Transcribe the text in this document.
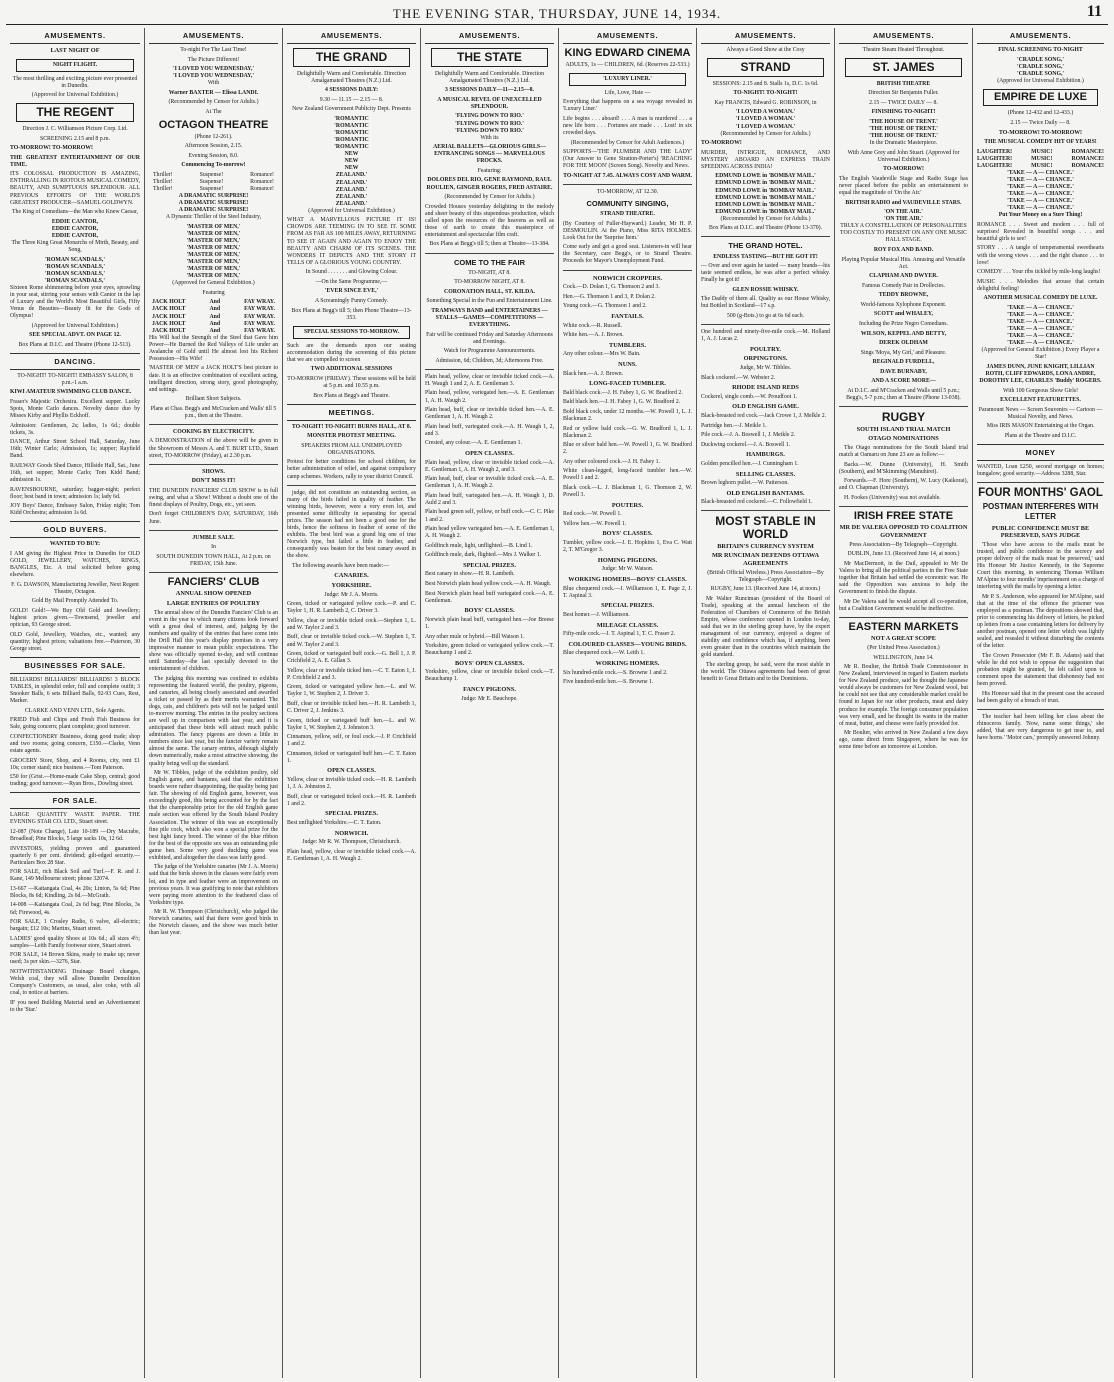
THE EVENING STAR, THURSDAY, JUNE 14, 1934.	11
AMUSEMENTS.
LAST NIGHT OF
NIGHT FLIGHT.

The most thrilling and exciting picture ever presented in Dunedin.

(Approved for Universal Exhibition.)

THE REGENT

Direction J. C. Williamson Picture Corp. Ltd.

SCREENING 2.15 and 8 p.m.

TO-MORROW! TO-MORROW!

THE GREATEST ENTERTAINMENT OF OUR TIME.

ITS COLOSSAL PRODUCTION IS AMAZING, ENTHRALLING IN RIOTOUS MUSICAL COMEDY, BEAUTY, AND SUMPTUOUS SPLENDOUR. ALL PREVIOUS EFFORTS OF THE WORLD'S GREATEST PRODUCER—SAMUEL GOLDWYN.

The King of Comedians—the Man who Knew Caesar,

EDDIE CANTOR,
EDDIE CANTOR,
EDDIE CANTOR,

The Three King Great Monarchs of Mirth, Beauty, and Song,

'ROMAN SCANDALS,'
'ROMAN SCANDALS,'
'ROMAN SCANDALS,'
'ROMAN SCANDALS,'

Sixteen Rome shimmering before your eyes, sprawling in your seat, stirring your senses with Cantor in the lap of Luxury and the World's Most Beautiful Girls, Fifty Venus de Beauties—Beauty fit for the Gods of Olympus!

(Approved for Universal Exhibition.)

SEE SPECIAL ADVT. ON PAGE 12.

Box Plans at D.I.C. and Theatre (Phone 12-513).

DANCING.

TO-NIGHT! TO-NIGHT! EMBASSY SALON, 8 p.m.-1 a.m.

KIWI AMATEUR SWIMMING CLUB DANCE.

Fraser's Majestic Orchestra. Excellent supper. Lucky Spots, Monte Carlo dances. Novelty dance duo by Misses Kirby and Phyllis Eckhoff.

Admission: Gentlemen, 2s; ladies, 1s 6d.; double tickets, 3s.

DANCE, Arthur Street School Hall, Saturday, June 16th; Winter Carlo; Admission, 1s; supper; Rayfield Band.

RAILWAY Goods Shed Dance, Hillside Hall, Sat., June 16th, set supper; Monte Carlo; Tom Kidd Band; admission 1s.

RAVENSBOURNE, saturday; bagger-night; perfect floor; best band in town; admission 1s; lady 6d.

JOY Boys' Dance, Embassy Salon, Friday night; Tom Kidd Orchestra; admission 1s 6d.

GOLD BUYERS.

WANTED TO BUY:

I AM giving the Highest Price in Dunedin for OLD GOLD, JEWELLERY, WATCHES, RINGS, BANGLES, Etc. A trial solicited before going elsewhere.

F. G. DAWSON, Manufacturing Jeweller, Next Regent Theatre, Octagon.

Gold By Mail Promptly Attended To.

GOLD! Gold!—We Buy Old Gold and Jewellery; highest prices given.—Townsend, jeweller and optician, 93 George street.

OLD Gold, Jewellery, Watches, etc., wanted; any quantity; highest prices; valuations free.—Paterson, 30 George street.

BUSINESSES FOR SALE.

BILLIARDS! BILLIARDS! BILLIARDS! 3 BLOCK TABLES, in splendid order, full and complete outfit; 3 Snooker Balls, 6 sets Billiard Balls, 92-93 Cues, Rest, Marker.

CLARKE AND VENN LTD., Sole Agents.

FRIED Fish and Chips and Fresh Fish Business for Sale, going concern; plant complete; good turnover.

CONFECTIONERY Business, doing good trade; shop and two rooms; going concern, £150.—Clarke, Venn estate agents.

GROCERY Store, Shop, and 4 Rooms, city, rent £1 10s; corner stand; nice business.—Tom Paterson.

£50 for (Grist.—Home-made Cake Shop, central; good trading; good turnover.—Ryan Bros., Dowling street.

FOR SALE.

LARGE QUANTITY WASTE PAPER. THE EVENING STAR CO. LTD., Stuart street.

12-087 (Note Change), Late 10-189 —Dry Macrabe, Broadleaf; Pine Blocks, 5 large sacks 10s, 12 6d.

INVESTORS, yielding proven and guaranteed quarterly 6 per cent. dividend; gilt-edged security.—Particulars Box 28 Star.

FOR SALE, rich Black Soil and Turf.—F. R. and J. Kane, 149 Melbourne street; phone 32074.

13-667 —Kaitangata Coal, 4s 20s; Linton, 5s 6d; Pine Blocks, 8s 6d; Kindling, 2s 6d.—McGrath.

14-008 —Kaitangata Coal, 2s 6d bag; Pine Blocks, 3s 6d; Firewood, 4s.

FOR SALE, 1 Crosley Radio, 6 valve, all-electric; bargain; £12 10s; Martins, Stuart street.

LADIES' good quality Shoes at 10s 6d.; all sizes 4½; samples—Leith Family footwear store, Stuart street.

FOR SALE, 14 Brown Skins, ready to make up; never used; 3s per skin.—3276, Star.

NOTWITHSTANDING Drainage Board changes, Welsh coal, they will allow Dunedin Demolition Company's Customers, as usual, also coke, with all coal, to notice at barriers.

IF you need Building Material send an Advertisement to the 'Star.'

AMUSEMENTS.

To-night For The Last Time!

The Picture Different!

'I LOVED YOU WEDNESDAY,'
'I LOVED YOU WEDNESDAY,'

With

Warner BAXTER — Elissa LANDI.

(Recommended by Censor for Adults.)

At The

OCTAGON THEATRE

(Phone 12-261).

Afternoon Session, 2.15.

Evening Session, 8.0.

Commencing To-morrow!

Thriller!
Thriller!
Thriller!
Suspense!
Suspense!
Suspense!
Romance!
Romance!
Romance!
A DRAMATIC SURPRISE!
A DRAMATIC SURPRISE!
A DRAMATIC SURPRISE!

A Dynamic Thriller of the Steel Industry,

'MASTER OF MEN,'
'MASTER OF MEN,'
'MASTER OF MEN,'
'MASTER OF MEN,'
'MASTER OF MEN,'
'MASTER OF MEN,'
'MASTER OF MEN,'
'MASTER OF MEN,'

(Approved for General Exhibition.)

Featuring

JACK HOLT
JACK HOLT
JACK HOLT
JACK HOLT
JACK HOLT
And
And
And
And
And
FAY WRAY.
FAY WRAY.
FAY WRAY.
FAY WRAY.
FAY WRAY.

His Will had the Strength of the Steel that Gave him Power—He Burned the Red Valleys of Life under an Avalanche of Gold until He almost lost his Richest Possession—His Wife!

'MASTER OF MEN' a JACK HOLT'S best picture to date. It is an effective combination of excellent acting, intelligent direction, strong story, good photography, and settings.

Brilliant Short Subjects.

Plans at Chas. Begg's and McCracken and Walls' till 5 p.m., then at the Theatre.

COOKING BY ELECTRICITY.

A DEMONSTRATION of the above will be given in the Showroom of Messrs A. and T. BURT LTD., Stuart street, TO-MORROW (Friday), at 2.30 p.m.

SHOWS.

DON'T MISS IT!

THE DUNEDIN FANCIERS' CLUB SHOW is in full swing, and what a Show! Without a doubt one of the finest displays of Poultry, Dogs, etc., yet seen.

Don't forget CHILDREN'S DAY, SATURDAY, 16th June.

JUMBLE SALE.

In

SOUTH DUNEDIN TOWN HALL, At 2 p.m. on FRIDAY, 15th June.

FANCIERS' CLUB
ANNUAL SHOW OPENED
LARGE ENTRIES OF POULTRY

The annual show of the Dunedin Fanciers' Club is an event in the year to which many citizens look forward with a great deal of interest, and, judging by the numbers and quality of the entries that have come into the Drill Hall this year's display promises in a very impressive manner to mean public expectations. The show was officially opened to-day, and will continue until Saturday—the last specially devoted to the entertainment of children.

The judging this morning was confined to exhibits representing the featured world, the poultry, pigeons, and canaries, all being closely associated and awarded a ticket or passed by as their merits warranted. The dogs, cats, and children's pets will not be judged until to-morrow morning. The entries in the poultry sections are well up in comparison with last year, and it is anticipated that these birds will attract much public admiration. The fancy pigeons are down a little in numbers since last year, but the fancier variety remain almost the same. The canary entries, although slightly down numerically, make a most attractive showing, the quality being well up the standard.

Mr W. Tibbles, judge of the exhibition poultry, old English game, and bantams, said that the exhibition boards were rather disappointing, the quality being just fair. The showing of old English game, however, was exceedingly good, this being accounted for by the fact that the championship prize for the old English game male section was offered by the South Island Poultry Association. The winner of this was an exceptionally fine pile cock, which also won a special prize for the best light fancy breed. The winner of the blue ribbon for the best of the opposite sex was an outstanding pile game hen. Some very good duckling game was exhibited, and altogether the class was fairly good.

The judge of the Yorkshire canaries (Mr J. A. Morris) said that the birds shown in the classes were fairly even lot, and in type and feather were an improvement on previous years. It was gratifying to note that exhibitors were paying more attention to the feathered class of Yorkshire type.

Mr R. W. Thompson (Christchurch), who judged the Norwich canaries, said that there were good birds in the Norwich classes, and the show was much better than last year.

AMUSEMENTS.
THE GRAND

Delightfully Warm and Comfortable. Direction Amalgamated Theatres (N.Z.) Ltd.

4 SESSIONS DAILY:

9.30 — 11.15 — 2.15 — 8.

New Zealand Government Publicity Dept. Presents

'ROMANTIC
'ROMANTIC
'ROMANTIC
'ROMANTIC
'ROMANTIC
NEW
NEW
NEW
ZEALAND.'
ZEALAND.'
ZEALAND.'
ZEALAND.'
ZEALAND.'

(Approved for Universal Exhibition.)

WHAT A MARVELLOUS PICTURE IT IS! CROWDS ARE TEEMING IN TO SEE IT. SOME FROM AS FAR AS 100 MILES AWAY, RETURNING TO SEE IT AGAIN AND AGAIN TO ENJOY THE BEAUTY AND CHARM OF ITS SCENES. THE WONDERS IT DEPICTS AND THE STORY IT TELLS OF A GLORIOUS YOUNG COUNTRY.

In Sound . . . . . . . and Glowing Colour.

—On the Same Programme,—

'EVER SINCE EVE,'

A Screamingly Funny Comedy.

Box Plans at Begg's till 5; then Phone Theatre—13-353.

SPECIAL SESSIONS TO-MORROW.

Such are the demands upon our seating accommodation during the screening of this picture that we are compelled to screen

TWO ADDITIONAL SESSIONS

TO-MORROW (FRIDAY). These sessions will be held at 5 p.m. and 10.55 p.m.

Box Plans at Begg's and Theatre.

MEETINGS.

TO-NIGHT! TO-NIGHT! BURNS HALL, AT 8.

MONSTER PROTEST MEETING.

SPEAKERS FROM ALL UNEMPLOYED ORGANISATIONS.

Protest for better conditions for school children, for better administration of relief, and against compulsory camp schemes. Workers, rally to your district Council.

judge, did not constitute an outstanding section, as many of the birds failed in quality of feather. The winning birds, however, were a very even lot, and presented some difficulty in separating for special prizes. The season had not been a good one for the birds, hence the softness in feather of some of the exhibits. The best bird was a grand big one of true Norwich type, but failed a little in feather, and consequently was beaten for the best canary award in the show.

The following awards have been made:—

CANARIES.

YORKSHIRE.

Judge: Mr J. A. Morris.

Green, ticked or variegated yellow cock.—P. and C. Taylor 1, H. R. Lambeth 2, C. Driver 3.

Yellow, clear or invisible ticked cock.—Stephen 1, L. and W. Taylor 2 and 3.

Buff, clear or invisible ticked cock.—W. Stephen 1, T. and W. Taylor 2 and 3.

Green, ticked or variegated buff cock.—G. Bell 1, J. P. Crichfield 2, A. E. Gillan 3.

Yellow, clear or invisible ticked hen.—C. T. Eaton 1, J. P. Crichfield 2 and 3.

Green, ticked or variegated yellow hen.—L. and W. Taylor 1, W. Stephen 2, J. Driver 3.

Buff, clear or invisible ticked hen.—H. R. Lambeth 1, C. Driver 2, J. Jenkins 3.

Green, ticked or variegated buff hen.—L. and W. Taylor 1, W. Stephen 2, J. Johnston 3.

Cinnamon, yellow, self, or foul cock.—J. P. Crichfield 1 and 2.

Cinnamon, ticked or variegated buff hen.—C. T. Eaton 1.

OPEN CLASSES.

Yellow, clear or invisible ticked cock.—H. R. Lambeth 1, J. A. Johnston 2.

Buff, clear or variegated ticked cock.—H. R. Lambeth 1 and 2.

SPECIAL PRIZES.

Best unflighted Yorkshire.—C. T. Eaton.

NORWICH.

Judge: Mr R. W. Thompson, Christchurch.

Plain head, yellow, clear or invisible ticked cock.—A. E. Gentleman 1, A. H. Waugh 2.

AMUSEMENTS.
THE STATE

Delightfully Warm and Comfortable. Direction Amalgamated Theatres (N.Z.) Ltd.

3 SESSIONS DAILY—11—2.15—8.

A MUSICAL REVEL OF UNEXCELLED SPLENDOUR.

'FLYING DOWN TO RIO.'
'FLYING DOWN TO RIO.'
'FLYING DOWN TO RIO.'

With its

AERIAL BALLETS—GLORIOUS GIRLS—ENTRANCING SONGS — MARVELLOUS FROCKS.

Featuring:

DOLORES DEL RIO, GENE RAYMOND, RAUL ROULIEN, GINGER ROGERS, FRED ASTAIRE.

(Recommended by Censor for Adults.)

Crowded Houses yesterday delighting in the melody and sheer beauty of this stupendous production, which called upon the resources of the heavens as well as those of earth to create this masterpiece of entertainment and spectacular film craft.

Box Plans at Begg's till 5; then at Theatre—13-384.

COME TO THE FAIR

TO-NIGHT, AT 8.

TO-MORROW NIGHT, AT 8.

CORONATION HALL, ST. KILDA.

Something Special in the Fun and Entertainment Line.

TRAMWAYS BAND and ENTERTAINERS —STALLS—GAMES—COMPETITIONS —EVERYTHING.

Fair will be continued Friday and Saturday Afternoons and Evenings.

Watch for Programme Announcements.

Admission, 6d; Children, 3d; Afternoons Free.

Plain head, yellow, clear or invisible ticked cock.—A. H. Waugh 1 and 2, A. E. Gentleman 3.

Plain head, yellow, variegated hen.—A. E. Gentleman 1, A. H. Waugh 2.

Plain head, buff, clear or invisible ticked hen.—A. E. Gentleman 1, A. H. Waugh 2.

Plain head buff, variegated cock.—A. H. Waugh 1, 2, and 3.

Crested, any colour.—A. E. Gentleman 1.

OPEN CLASSES.

Plain head, yellow, clear or invisible ticked cock.—A. E. Gentleman 1, A. H. Waugh 2, and 3.

Plain head, buff, clear or invisible ticked cock.—A. E. Gentleman 1, A. H. Waugh 2.

Plain head buff, variegated hen.—A. H. Waugh 1, D. Auld 2 and 3.

Plain head green self, yellow, or buff cock.—C. C. Pike 1 and 2.

Plain head yellow variegated hen.—A. E. Gentleman 1, A. H. Waugh 2.

Goldfinch mule, light, unflighted.—B. Lind 1.

Goldfinch mule, dark, flighted.—Mrs J. Walker 1.

SPECIAL PRIZES.

Best canary in show.—H. R. Lambeth.

Best Norwich plain head yellow cock.—A. H. Waugh.

Best Norwich plain head buff variegated cock.—A. E. Gentleman.

BOYS' CLASSES.

Norwich plain head buff, variegated hen.—Joe Breese 1.

Any other mule or hybrid.—Bill Watson 1.

Yorkshire, green ticked or variegated yellow cock.—T. Beauchamp 1 and 2.

BOYS' OPEN CLASSES.

Yorkshire, yellow, clear or invisible ticked cock.—T. Beauchamp 1.

FANCY PIGEONS.

Judge: Mr E. Bauchope.

AMUSEMENTS.
KING EDWARD CINEMA

ADULTS, 1s — CHILDREN, 6d. (Reserves 22-533.)

'LUXURY LINER.'

Life, Love, Hate —

Everything that happens on a sea voyage revealed in 'Luxury Liner.'

Life begins . . . aboard! . . . A man is murdered . . . a new life born . . . Fortunes are made . . . Lost! in six crowded days.

(Recommended by Censor for Adult Audiences.)

SUPPORTS—'THE PLUMBER AND THE LADY' (Our Answer to Gene Stratton-Porter's) 'REACHING FOR THE MOON' (Screen Song). Novelty and News.

TO-NIGHT AT 7.45. ALWAYS COSY AND WARM.

TO-MORROW, AT 12.30.

COMMUNITY SINGING,

STRAND THEATRE.

(By Courtesy of Fuller-Hayward.) Leader, Mr H. P. DESMOULIN. At the Piano, Miss RITA HOLMES. Look Out for the 'Surprise Item.'

Come early and get a good seat. Listeners-in will hear the Secretary, care Begg's, or to Strand Theatre. Proceeds for Mayor's Unemployment Fund.

NORWICH CROPPERS.

Cock.—D. Dolan 1, G. Thomson 2 and 3.

Hen.—G. Thomson 1 and 3, P. Dolan 2.

Young cock.—G. Thomson 1 and 2.

FANTAILS.

White cock.—R. Russell.

White hen.—A. J. Brown.

TUMBLERS.

Any other colour.—Mrs W. Bain.

NUNS.

Black hen.—A. J. Brown.

LONG-FACED TUMBLER.

Bald black cock.—J. H. Fabey 1, G. W. Bradford 2.

Bald black hen.—J. H. Fabey 1, G. W. Bradford 2.

Bold black cock, under 12 months.—W. Powell 1, L. J. Blackman 2.

Red or yellow bald cock.—G. W. Bradford 1, L. J. Blackman 2.

Blue or silver bald hen.—W. Powell 1, G. W. Bradford 2.

Any other coloured cock.—J. H. Fahey 1.

White clean-legged, long-faced tumbler hen.—W. Powell 1 and 2.

Black cock.—L. J. Blackman 1, G. Thomson 2, W. Powell 3.

POUTERS.

Red cock.—W. Powell 1.

Yellow hen.—W. Powell 1.

BOYS' CLASSES.

Tumbler, yellow cock.—J. E. Hopkins 1, Eva C. Watt 2, T. M'Gregor 3.

HOMING PIGEONS.

Judge: Mr W. Watson.

WORKING HOMERS—BOYS' CLASSES.

Blue chequered cock.—J. Williamson 1, E. Page 2, J. T. Aspinal 3.

SPECIAL PRIZES.

Best homer.—J. Williamson.

MILEAGE CLASSES.

Fifty-mile cock.—J. T. Aspinal 1, T. C. Fraser 2.

COLOURED CLASSES—YOUNG BIRDS.

Blue chequered cock.—W. Leith 1.

WORKING HOMERS.

Six hundred-mile cock.—S. Browne 1 and 2.

Five hundred-mile hen.—S. Browne 1.

AMUSEMENTS.

Always a Good Show at the Cosy

STRAND

SESSIONS: 2.15 and 8. Stalls 1s, D.C. 1s 6d.

TO-NIGHT! TO-NIGHT!

Kay FRANCIS, Edward G. ROBINSON, in

'I LOVED A WOMAN.'
'I LOVED A WOMAN.'
'I LOVED A WOMAN.'

(Recommended by Censor for Adults.)

TO-MORROW!

MURDER, INTRIGUE, ROMANCE, AND MYSTERY ABOARD AN EXPRESS TRAIN SPEEDING ACROSS INDIA!

EDMUND LOWE in 'BOMBAY MAIL.'
EDMUND LOWE in 'BOMBAY MAIL.'
EDMUND LOWE in 'BOMBAY MAIL.'
EDMUND LOWE in 'BOMBAY MAIL.'
EDMUND LOWE in 'BOMBAY MAIL.'
EDMUND LOWE in 'BOMBAY MAIL.'

(Recommended by Censor for Adults.)

Box Plans at D.I.C. and Theatre (Phone 13-370).

THE GRAND HOTEL.

ENDLESS TASTING—BUT HE GOT IT!

— Over and over again he tasted — many brands—his taste seemed endless, he was after a perfect whisky. Finally he got it!

GLEN ROSSIE WHISKY.

The Daddy of them all. Quality as our House Whisky, but Bottled in Scotland—17 s.p.

500 (g-Bots.) to go at 6s 6d each.

One hundred and ninety-five-mile cock.—M. Holland 1, A. J. Lucas 2.

POULTRY.

ORPINGTONS.

Judge, Mr W. Tibbles.

Black cockerel.—W. Webster 2.

RHODE ISLAND REDS

Cockerel, single comb.—W. Proudfoot 1.

OLD ENGLISH GAME.

Black-breasted red cock.—Jack Crowe 1, J. Melkle 2.

Partridge hen.—J. Meikle 1.

Pile cock.—J. A. Boswell 1, J. Meikle 2.

Duckwing cockerel.—J. A. Boswell 1.

HAMBURGS.

Golden pencilled hen.—J. Cunningham 1.

SELLING CLASSES.

Brown leghorn pullet.—W. Patterson.

OLD ENGLISH BANTAMS.

Black-breasted red cockerel.—C. Followfield 1.

MOST STABLE IN WORLD
BRITAIN'S CURRENCY SYSTEM
MR RUNCIMAN DEFENDS OTTAWA AGREEMENTS

(British Official Wireless.) Press Association—By Telegraph—Copyright.

RUGBY, June 13. (Received June 14, at noon.)

Mr Walter Runciman (president of the Board of Trade), speaking at the annual luncheon of the Federation of Chambers of Commerce of the British Empire, whose conference opened in London to-day, said that we in the sterling group have, by the expert management of our currency, enjoyed a degree of stability and confidence which has, if anything, been even greater than in the countries which maintain the gold standard.

The sterling group, he said, were the most stable in the world. The Ottawa agreements had been of great benefit to Great Britain and to the Dominions.

AMUSEMENTS.

Theatre Steam Heated Throughout.

ST. JAMES

BRITISH THEATRE

Direction Sir Benjamin Fuller.

2.15 — TWICE DAILY — 8.

FINISHING TO-NIGHT!

'THE HOUSE OF TRENT.'
'THE HOUSE OF TRENT.'
'THE HOUSE OF TRENT.'

In the Dramatic Masterpiece.

With Anne Grey and John Stuart. (Approved for Universal Exhibition.)

TO-MORROW!

The English Vaudeville Stage and Radio Stage has never placed before the public an entertainment to equal the magnitude of 'On the Air.'

BRITISH RADIO and VAUDEVILLE STARS.

'ON THE AIR.'
'ON THE AIR.'

TRULY A CONSTELLATION OF PERSONALITIES TOO COSTLY TO PRESENT ON ANY ONE MUSIC HALL STAGE.

ROY FOX AND BAND.

Playing Popular Musical Hits. Amusing and Versatile Act.

CLAPHAM AND DWYER.

Famous Comedy Pair in Drollecies.

TEDDY BROWNE,

World-famous Xylophone Exponent.

SCOTT and WHALEY,

Including the Prize Negro Comedians.

WILSON, KEPPEL AND BETTY,

DEREK OLDHAM

Sings 'Moya, My Girl,' and Pleasure.

REGINALD FURDELL,

DAVE BURNABY,

AND A SCORE MORE—

At D.I.C. and M'Cracken and Walls until 5 p.m.; Begg's, 5-7 p.m.; then at Theatre (Phone 13-038).

RUGBY
SOUTH ISLAND TRIAL MATCH
OTAGO NOMINATIONS

The Otago nominations for the South Island trial match at Oamaru on June 23 are as follow:—

Backs.—W. Dunne (University), H. Smith (Southern), and M'Skimming (Manuhirei).

Forwards.—F. Hore (Southern), W. Lucy (Kaikorai), and O. Chapman (University).

H. Fookes (University) was not available.

IRISH FREE STATE
MR DE VALERA OPPOSED TO COALITION GOVERNMENT

Press Association—By Telegraph—Copyright.

DUBLIN, June 13. (Received June 14, at noon.)

Mr MacDermott, in the Dail, appealed to Mr De Valera to bring all the political parties in the Free State together that Britain had settled the economic war. He said the Opposition was anxious to help the Government to finish the dispute.

Mr De Valera said he would accept all co-operation, but a Coalition Government would be ineffective.

EASTERN MARKETS
NOT A GREAT SCOPE

(Per United Press Association.)

WELLINGTON, June 14.

Mr R. Boulter, the British Trade Commissioner in New Zealand, interviewed in regard to Eastern markets for New Zealand produce, said he thought the Japanese would always be customers for New Zealand wool, but he could not see that any considerable market could be found in Japan for our other products, meat and dairy produce for example. The foreign consumer population was very small, and he thought its wants in the matter of meat, butter, and cheese were fairly provided for.

Mr Boulter, who arrived in New Zealand a few days ago, came direct from Singapore, where he was for some time before an tomorrow at London.

AMUSEMENTS.

FINAL SCREENING TO-NIGHT

'CRADLE SONG,'
'CRADLE SONG,'
'CRADLE SONG,'

(Approved for Universal Exhibition.)

EMPIRE DE LUXE

(Phone 12-432 and 12-433.)

2.15 — Twice Daily — 8.

TO-MORROW! TO-MORROW!

THE MUSICAL COMEDY HIT OF YEARS!

LAUGHTER!
LAUGHTER!
LAUGHTER!
MUSIC!
MUSIC!
MUSIC!
ROMANCE!
ROMANCE!
ROMANCE!
'TAKE — A — CHANCE.'
'TAKE — A — CHANCE.'
'TAKE — A — CHANCE.'
'TAKE — A — CHANCE.'
'TAKE — A — CHANCE.'
'TAKE — A — CHANCE.'

Put Your Money on a Sure Thing!

ROMANCE . . . Sweet and modern . . . full of surprises! Revealed in beautiful songs . . . and beautiful girls to see!

STORY . . . A tangle of temperamental sweethearts with the wrong views . . . and the right chance . . . to love!

COMEDY . . . Your ribs tickled by mile-long laughs!

MUSIC . . . Melodies that arouse that certain delightful feeling!

ANOTHER MUSICAL COMEDY DE LUXE.

'TAKE — A — CHANCE.'
'TAKE — A — CHANCE.'
'TAKE — A — CHANCE.'
'TAKE — A — CHANCE.'
'TAKE — A — CHANCE.'
'TAKE — A — CHANCE.'

(Approved for General Exhibition.) Every Player a Star!

JAMES DUNN, JUNE KNIGHT, LILLIAN ROTH, CLIFF EDWARDS, LONA ANDRE, DOROTHY LEE, CHARLES 'Buddy' ROGERS.

With 100 Gorgeous Show Girls!

EXCELLENT FEATURETTES.

Paramount News — Screen Souvenirs — Cartoon — Musical Novelty, and News.

Miss IRIS MASON Entertaining at the Organ.

Plans at the Theatre and D.I.C.

MONEY

WANTED, Loan £250, second mortgage on homes; bungalow; good security.—Address 3288, Star.

FOUR MONTHS' GAOL
POSTMAN INTERFERES WITH LETTER
PUBLIC CONFIDENCE MUST BE PRESERVED, SAYS JUDGE

'Those who have access to the mails must be trusted, and public confidence in the secrecy and proper delivery of the mails must be preserved,' said His Honour Mr Justice Kennedy, in the Supreme Court this morning, in sentencing Thomas William M'Alpine to four months' imprisonment on a charge of interfering with the mails by opening a letter.

Mr P. S. Anderson, who appeared for M'Alpine, said that at the time of the offence the prisoner was employed as a postman. The depositions showed that, prior to commencing his delivery of letters, he picked up letters from a case containing letters for delivery by another postman, opened one letter which was lightly sealed, and resealed it without disturbing the contents of the letter.

The Crown Prosecutor (Mr F. B. Adams) said that while he did not wish to oppose the suggestion that probation might be granted, he felt called upon to comment upon the statement that dishonesty had not been proved.

His Honour said that in the present case the accused had been guilty of a breach of trust.

The teacher had been telling her class about the rhinoceros family. 'Now, name some things,' she added, 'that are very dangerous to get near to, and have horns.' 'Motor cars,' promptly answered Johnny.
